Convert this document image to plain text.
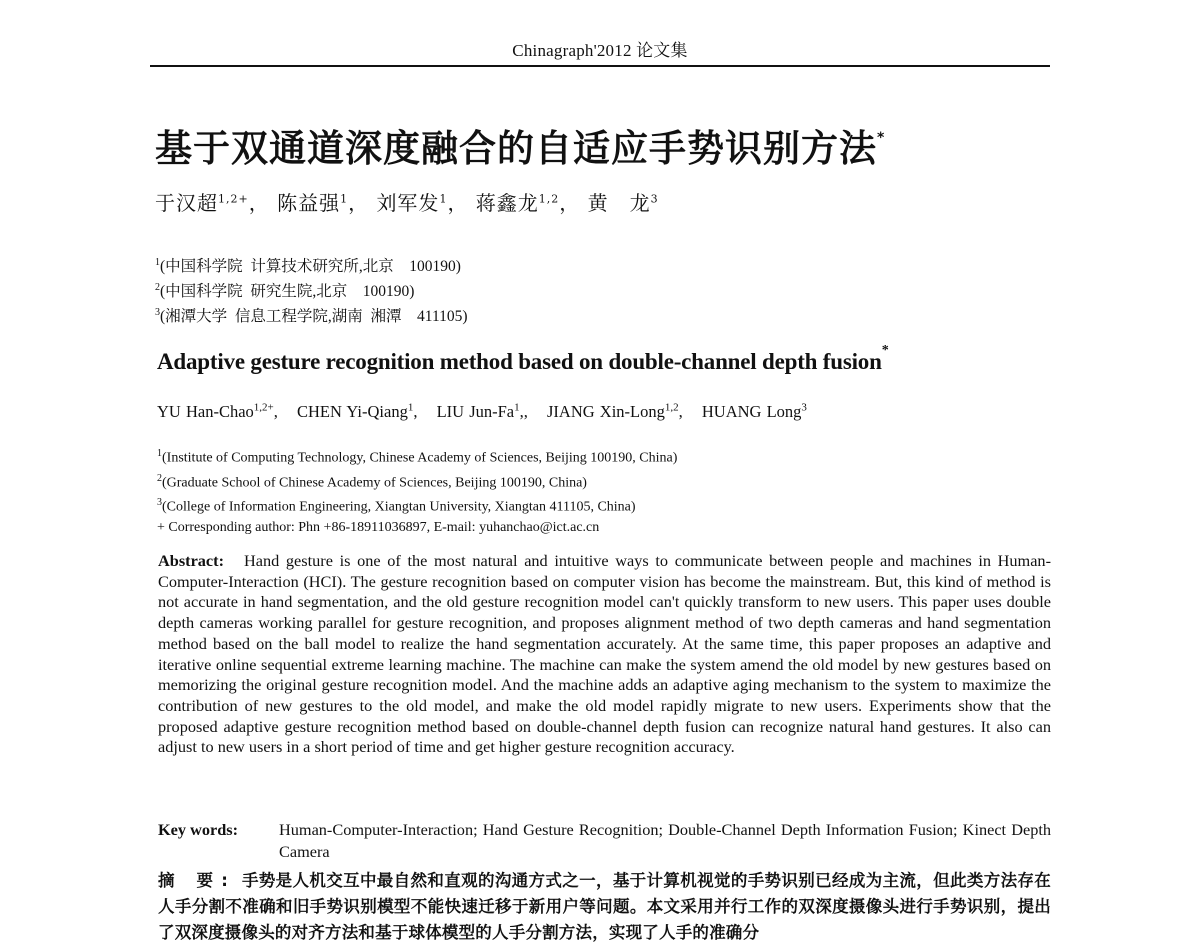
Chinagraph'2012 论文集
基于双通道深度融合的自适应手势识别方法*
于汉超$^{1,2+}$， 陈益强$^1$， 刘军发$^1$， 蒋鑫龙$^{1,2}$， 黄　龙$^3$
$^1$(中国科学院  计算技术研究所,北京    100190)
$^2$(中国科学院  研究生院,北京    100190)
$^3$(湘潭大学  信息工程学院,湖南  湘潭    411105)
Adaptive gesture recognition method based on double-channel depth fusion*
YU Han-Chao$^{1,2+}$, CHEN Yi-Qiang$^1$, LIU Jun-Fa$^1$,, JIANG Xin-Long$^{1,2}$, HUANG Long$^3$
$^1$(Institute of Computing Technology, Chinese Academy of Sciences, Beijing 100190, China)
$^2$(Graduate School of Chinese Academy of Sciences, Beijing 100190, China)
$^3$(College of Information Engineering, Xiangtan University, Xiangtan 411105, China)
+ Corresponding author: Phn +86-18911036897, E-mail: yuhanchao@ict.ac.cn
Abstract: Hand gesture is one of the most natural and intuitive ways to communicate between people and machines in Human-Computer-Interaction (HCI). The gesture recognition based on computer vision has become the mainstream. But, this kind of method is not accurate in hand segmentation, and the old gesture recognition model can't quickly transform to new users. This paper uses double depth cameras working parallel for gesture recognition, and proposes alignment method of two depth cameras and hand segmentation method based on the ball model to realize the hand segmentation accurately. At the same time, this paper proposes an adaptive and iterative online sequential extreme learning machine. The machine can make the system amend the old model by new gestures based on memorizing the original gesture recognition model. And the machine adds an adaptive aging mechanism to the system to maximize the contribution of new gestures to the old model, and make the old model rapidly migrate to new users. Experiments show that the proposed adaptive gesture recognition method based on double-channel depth fusion can recognize natural hand gestures. It also can adjust to new users in a short period of time and get higher gesture recognition accuracy.
Key words:	Human-Computer-Interaction; Hand Gesture Recognition; Double-Channel Depth Information Fusion; Kinect Depth Camera
摘 要: 手势是人机交互中最自然和直观的沟通方式之一，基于计算机视觉的手势识别已经成为主流，但此类方法存在人手分割不准确和旧手势识别模型不能快速迁移于新用户等问题。本文采用并行工作的双深度摄像头进行手势识别，提出了双深度摄像头的对齐方法和基于球体模型的人手分割方法，实现了人手的准确分
